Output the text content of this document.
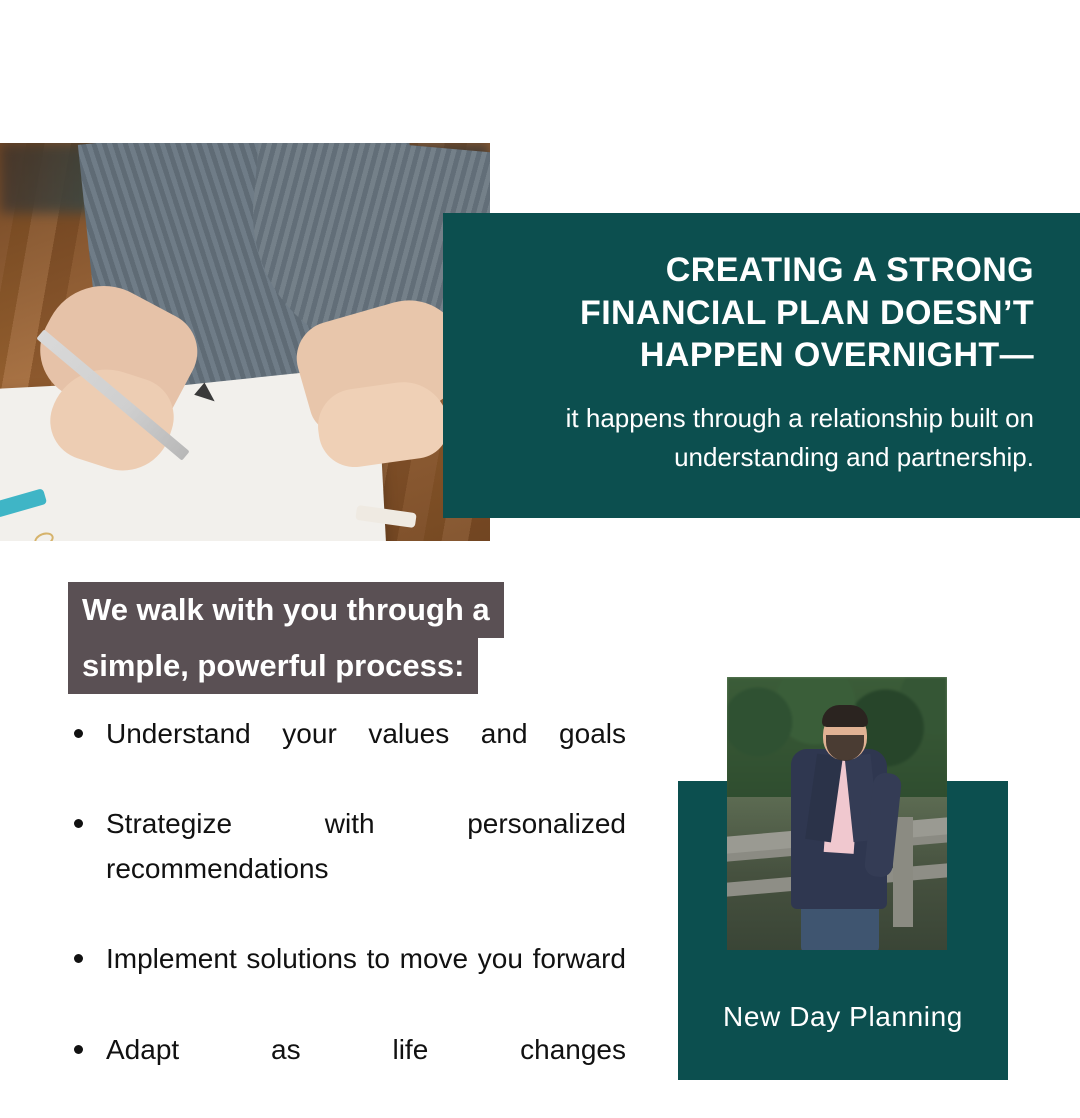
CREATING A STRONG FINANCIAL PLAN DOESN’T HAPPEN OVERNIGHT—

it happens through a relationship built on understanding and partnership.

We walk with you through a
simple, powerful process:
Understand your values and goals
Strategize with personalized recommendations
Implement solutions to move you forward
Adapt as life changes
New Day Planning
